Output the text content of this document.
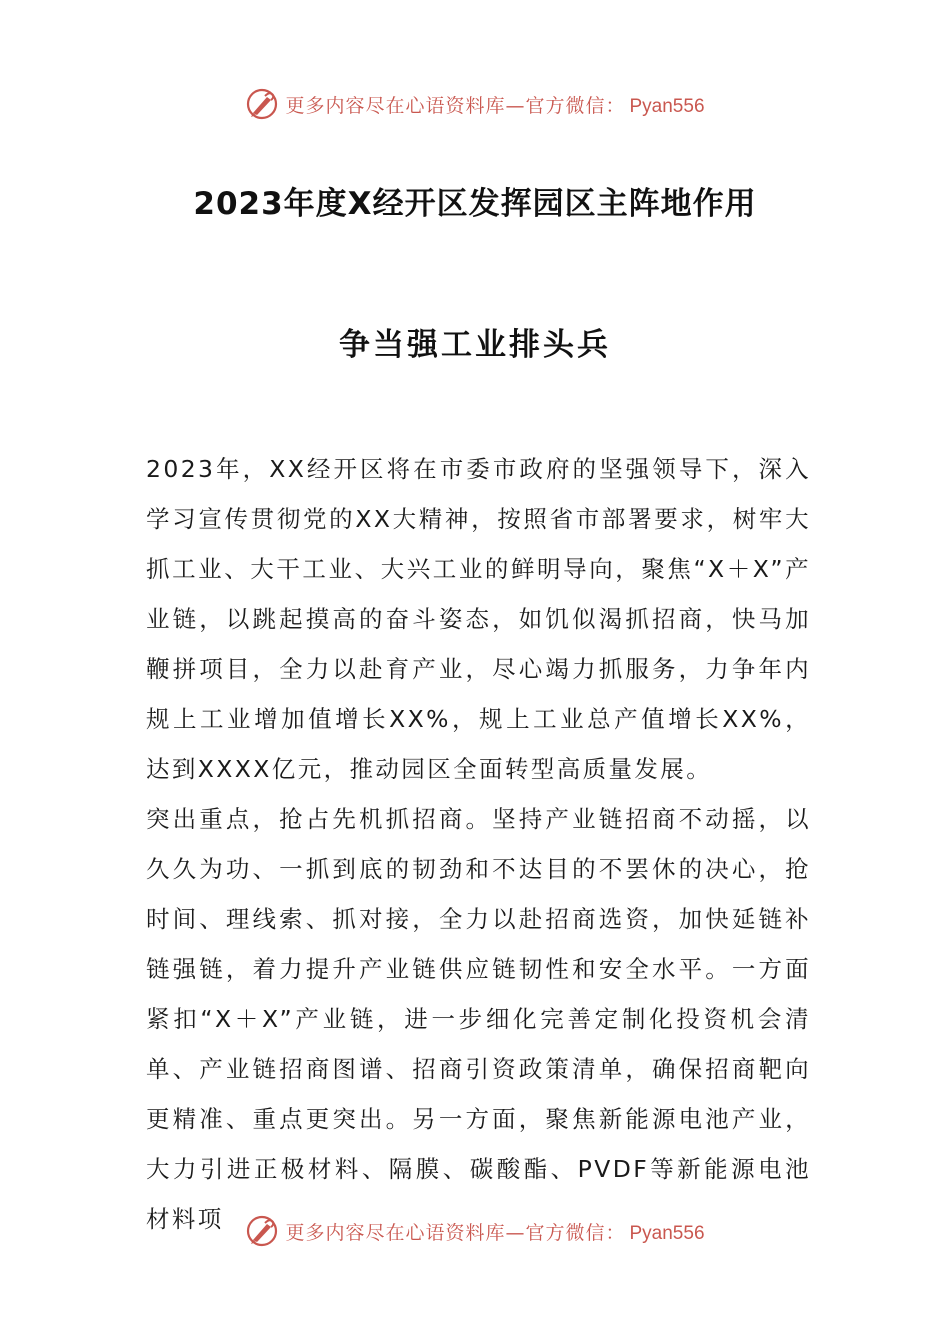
更多内容尽在心语资料库—官方微信： Pyan556
2023年度X经开区发挥园区主阵地作用
争当强工业排头兵

2023年，XX经开区将在市委市政府的坚强领导下，深入学习宣传贯彻党的XX大精神，按照省市部署要求，树牢大抓工业、大干工业、大兴工业的鲜明导向，聚焦“X＋X”产业链，以跳起摸高的奋斗姿态，如饥似渴抓招商，快马加鞭拼项目，全力以赴育产业，尽心竭力抓服务，力争年内规上工业增加值增长XX%，规上工业总产值增长XX%，达到XXXX亿元，推动园区全面转型高质量发展。

突出重点，抢占先机抓招商。坚持产业链招商不动摇，以久久为功、一抓到底的韧劲和不达目的不罢休的决心，抢时间、理线索、抓对接，全力以赴招商选资，加快延链补链强链，着力提升产业链供应链韧性和安全水平。一方面紧扣“X＋X”产业链，进一步细化完善定制化投资机会清单、产业链招商图谱、招商引资政策清单，确保招商靶向更精准、重点更突出。另一方面，聚焦新能源电池产业，大力引进正极材料、隔膜、碳酸酯、PVDF等新能源电池材料项	更多内容尽在心语资料库—官方微信： Pyan556
